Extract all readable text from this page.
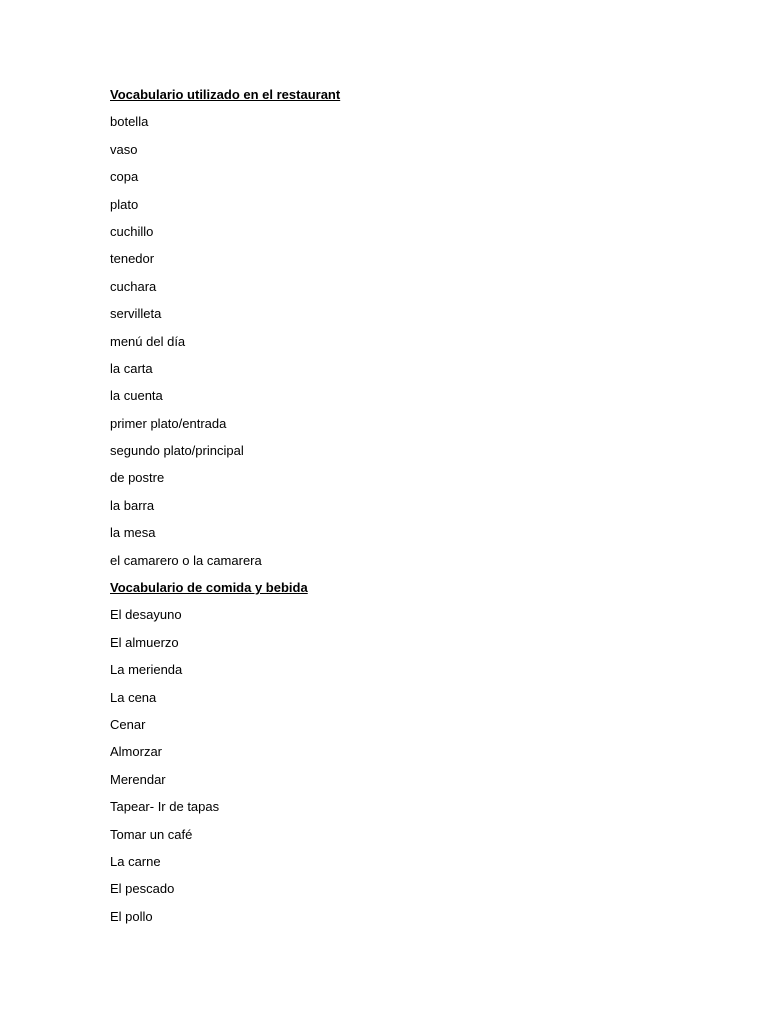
Vocabulario utilizado en el restaurant
botella
vaso
copa
plato
cuchillo
tenedor
cuchara
servilleta
menú del día
la carta
la cuenta
primer plato/entrada
segundo plato/principal
de postre
la barra
la mesa
el camarero o la camarera
Vocabulario de comida y bebida
El desayuno
El almuerzo
La merienda
La cena
Cenar
Almorzar
Merendar
Tapear- Ir de tapas
Tomar un café
La carne
El pescado
El pollo
